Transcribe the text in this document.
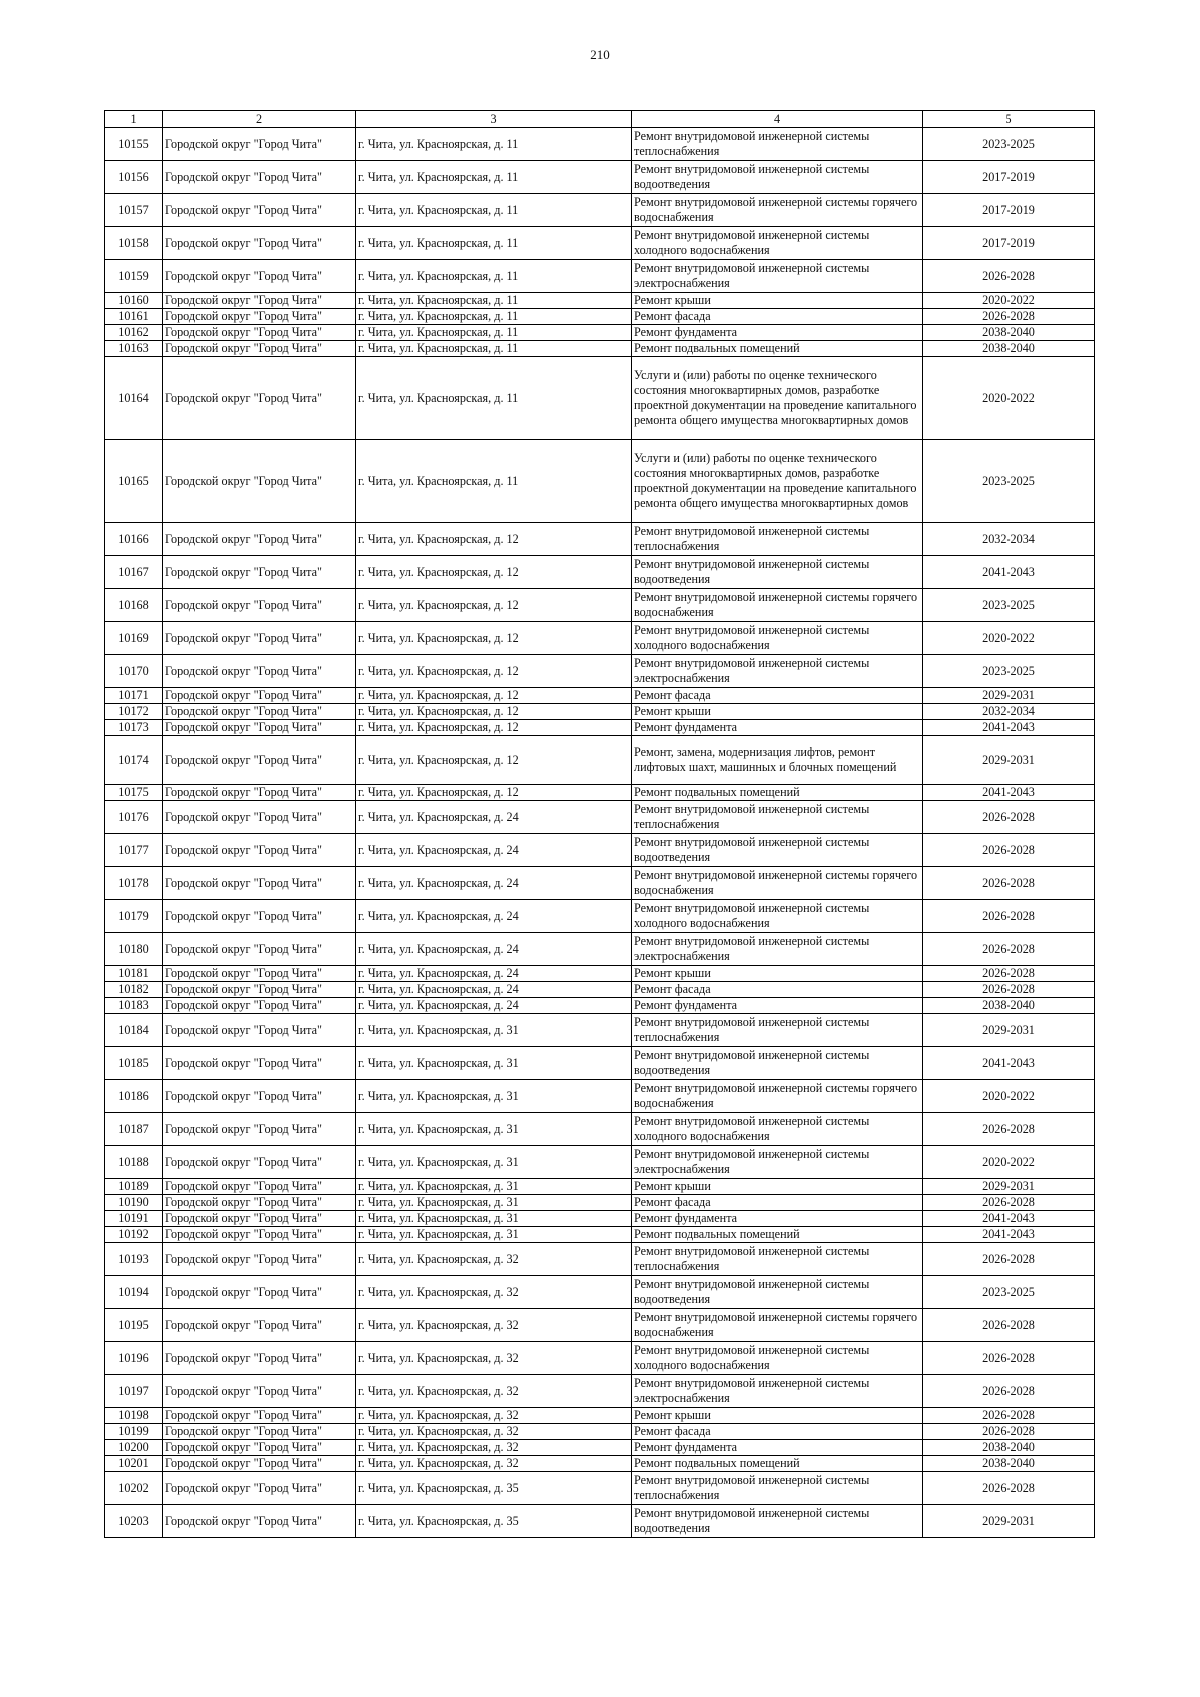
210
1	2	3	4	5
10155	Городской округ "Город Чита"	г. Чита, ул. Красноярская, д. 11	Ремонт внутридомовой инженерной системы теплоснабжения	2023-2025
10156	Городской округ "Город Чита"	г. Чита, ул. Красноярская, д. 11	Ремонт внутридомовой инженерной системы водоотведения	2017-2019
10157	Городской округ "Город Чита"	г. Чита, ул. Красноярская, д. 11	Ремонт внутридомовой инженерной системы горячего водоснабжения	2017-2019
10158	Городской округ "Город Чита"	г. Чита, ул. Красноярская, д. 11	Ремонт внутридомовой инженерной системы холодного водоснабжения	2017-2019
10159	Городской округ "Город Чита"	г. Чита, ул. Красноярская, д. 11	Ремонт внутридомовой инженерной системы электроснабжения	2026-2028
10160	Городской округ "Город Чита"	г. Чита, ул. Красноярская, д. 11	Ремонт крыши	2020-2022
10161	Городской округ "Город Чита"	г. Чита, ул. Красноярская, д. 11	Ремонт фасада	2026-2028
10162	Городской округ "Город Чита"	г. Чита, ул. Красноярская, д. 11	Ремонт фундамента	2038-2040
10163	Городской округ "Город Чита"	г. Чита, ул. Красноярская, д. 11	Ремонт подвальных помещений	2038-2040
10164	Городской округ "Город Чита"	г. Чита, ул. Красноярская, д. 11	Услуги и (или) работы по оценке технического состояния многоквартирных домов, разработке проектной документации на проведение капитального ремонта общего имущества многоквартирных домов	2020-2022
10165	Городской округ "Город Чита"	г. Чита, ул. Красноярская, д. 11	Услуги и (или) работы по оценке технического состояния многоквартирных домов, разработке проектной документации на проведение капитального ремонта общего имущества многоквартирных домов	2023-2025
10166	Городской округ "Город Чита"	г. Чита, ул. Красноярская, д. 12	Ремонт внутридомовой инженерной системы теплоснабжения	2032-2034
10167	Городской округ "Город Чита"	г. Чита, ул. Красноярская, д. 12	Ремонт внутридомовой инженерной системы водоотведения	2041-2043
10168	Городской округ "Город Чита"	г. Чита, ул. Красноярская, д. 12	Ремонт внутридомовой инженерной системы горячего водоснабжения	2023-2025
10169	Городской округ "Город Чита"	г. Чита, ул. Красноярская, д. 12	Ремонт внутридомовой инженерной системы холодного водоснабжения	2020-2022
10170	Городской округ "Город Чита"	г. Чита, ул. Красноярская, д. 12	Ремонт внутридомовой инженерной системы электроснабжения	2023-2025
10171	Городской округ "Город Чита"	г. Чита, ул. Красноярская, д. 12	Ремонт фасада	2029-2031
10172	Городской округ "Город Чита"	г. Чита, ул. Красноярская, д. 12	Ремонт крыши	2032-2034
10173	Городской округ "Город Чита"	г. Чита, ул. Красноярская, д. 12	Ремонт фундамента	2041-2043
10174	Городской округ "Город Чита"	г. Чита, ул. Красноярская, д. 12	Ремонт, замена, модернизация лифтов, ремонт лифтовых шахт, машинных и блочных помещений	2029-2031
10175	Городской округ "Город Чита"	г. Чита, ул. Красноярская, д. 12	Ремонт подвальных помещений	2041-2043
10176	Городской округ "Город Чита"	г. Чита, ул. Красноярская, д. 24	Ремонт внутридомовой инженерной системы теплоснабжения	2026-2028
10177	Городской округ "Город Чита"	г. Чита, ул. Красноярская, д. 24	Ремонт внутридомовой инженерной системы водоотведения	2026-2028
10178	Городской округ "Город Чита"	г. Чита, ул. Красноярская, д. 24	Ремонт внутридомовой инженерной системы горячего водоснабжения	2026-2028
10179	Городской округ "Город Чита"	г. Чита, ул. Красноярская, д. 24	Ремонт внутридомовой инженерной системы холодного водоснабжения	2026-2028
10180	Городской округ "Город Чита"	г. Чита, ул. Красноярская, д. 24	Ремонт внутридомовой инженерной системы электроснабжения	2026-2028
10181	Городской округ "Город Чита"	г. Чита, ул. Красноярская, д. 24	Ремонт крыши	2026-2028
10182	Городской округ "Город Чита"	г. Чита, ул. Красноярская, д. 24	Ремонт фасада	2026-2028
10183	Городской округ "Город Чита"	г. Чита, ул. Красноярская, д. 24	Ремонт фундамента	2038-2040
10184	Городской округ "Город Чита"	г. Чита, ул. Красноярская, д. 31	Ремонт внутридомовой инженерной системы теплоснабжения	2029-2031
10185	Городской округ "Город Чита"	г. Чита, ул. Красноярская, д. 31	Ремонт внутридомовой инженерной системы водоотведения	2041-2043
10186	Городской округ "Город Чита"	г. Чита, ул. Красноярская, д. 31	Ремонт внутридомовой инженерной системы горячего водоснабжения	2020-2022
10187	Городской округ "Город Чита"	г. Чита, ул. Красноярская, д. 31	Ремонт внутридомовой инженерной системы холодного водоснабжения	2026-2028
10188	Городской округ "Город Чита"	г. Чита, ул. Красноярская, д. 31	Ремонт внутридомовой инженерной системы электроснабжения	2020-2022
10189	Городской округ "Город Чита"	г. Чита, ул. Красноярская, д. 31	Ремонт крыши	2029-2031
10190	Городской округ "Город Чита"	г. Чита, ул. Красноярская, д. 31	Ремонт фасада	2026-2028
10191	Городской округ "Город Чита"	г. Чита, ул. Красноярская, д. 31	Ремонт фундамента	2041-2043
10192	Городской округ "Город Чита"	г. Чита, ул. Красноярская, д. 31	Ремонт подвальных помещений	2041-2043
10193	Городской округ "Город Чита"	г. Чита, ул. Красноярская, д. 32	Ремонт внутридомовой инженерной системы теплоснабжения	2026-2028
10194	Городской округ "Город Чита"	г. Чита, ул. Красноярская, д. 32	Ремонт внутридомовой инженерной системы водоотведения	2023-2025
10195	Городской округ "Город Чита"	г. Чита, ул. Красноярская, д. 32	Ремонт внутридомовой инженерной системы горячего водоснабжения	2026-2028
10196	Городской округ "Город Чита"	г. Чита, ул. Красноярская, д. 32	Ремонт внутридомовой инженерной системы холодного водоснабжения	2026-2028
10197	Городской округ "Город Чита"	г. Чита, ул. Красноярская, д. 32	Ремонт внутридомовой инженерной системы электроснабжения	2026-2028
10198	Городской округ "Город Чита"	г. Чита, ул. Красноярская, д. 32	Ремонт крыши	2026-2028
10199	Городской округ "Город Чита"	г. Чита, ул. Красноярская, д. 32	Ремонт фасада	2026-2028
10200	Городской округ "Город Чита"	г. Чита, ул. Красноярская, д. 32	Ремонт фундамента	2038-2040
10201	Городской округ "Город Чита"	г. Чита, ул. Красноярская, д. 32	Ремонт подвальных помещений	2038-2040
10202	Городской округ "Город Чита"	г. Чита, ул. Красноярская, д. 35	Ремонт внутридомовой инженерной системы теплоснабжения	2026-2028
10203	Городской округ "Город Чита"	г. Чита, ул. Красноярская, д. 35	Ремонт внутридомовой инженерной системы водоотведения	2029-2031
